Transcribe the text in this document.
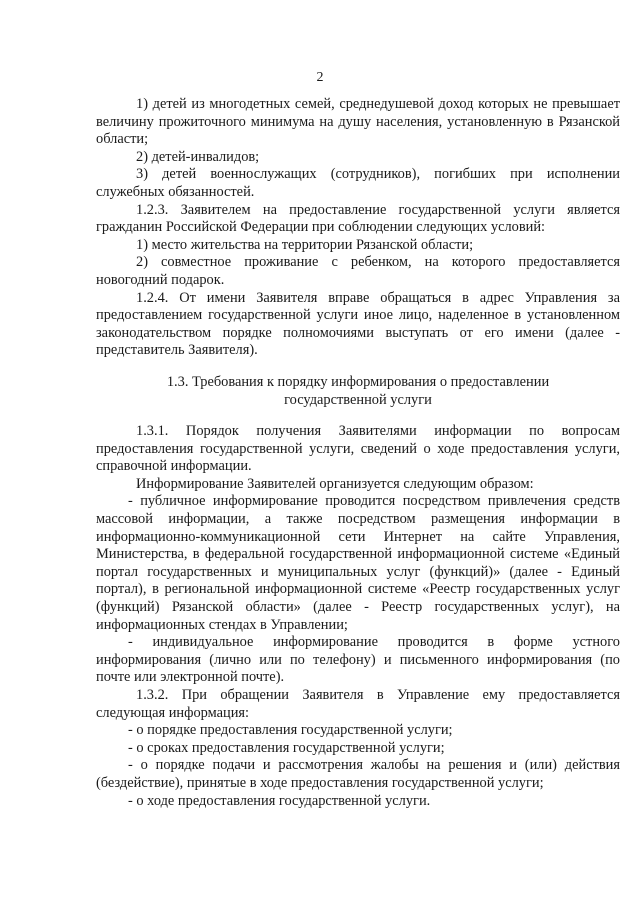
2

1) детей из многодетных семей, среднедушевой доход которых не превышает величину прожиточного минимума на душу населения, установленную в Рязанской области;

2) детей-инвалидов;

3) детей военнослужащих (сотрудников), погибших при исполнении служебных обязанностей.

1.2.3. Заявителем на предоставление государственной услуги является гражданин Российской Федерации при соблюдении следующих условий:

1) место жительства на территории Рязанской области;

2) совместное проживание с ребенком, на которого предоставляется новогодний подарок.

1.2.4. От имени Заявителя вправе обращаться в адрес Управления за предоставлением государственной услуги иное лицо, наделенное в установленном законодательством порядке полномочиями выступать от его имени (далее - представитель Заявителя).

1.3. Требования к порядку информирования о предоставлении
государственной услуги

1.3.1. Порядок получения Заявителями информации по вопросам предоставления государственной услуги, сведений о ходе предоставления услуги, справочной информации.

Информирование Заявителей организуется следующим образом:

- публичное информирование проводится посредством привлечения средств массовой информации, а также посредством размещения информации в информационно-коммуникационной сети Интернет на сайте Управления, Министерства, в федеральной государственной информационной системе «Единый портал государственных и муниципальных услуг (функций)» (далее - Единый портал), в региональной информационной системе «Реестр государственных услуг (функций) Рязанской области» (далее - Реестр государственных услуг), на информационных стендах в Управлении;

- индивидуальное информирование проводится в форме устного информирования (лично или по телефону) и письменного информирования (по почте или электронной почте).

1.3.2. При обращении Заявителя в Управление ему предоставляется следующая информация:

- о порядке предоставления государственной услуги;

- о сроках предоставления государственной услуги;

- о порядке подачи и рассмотрения жалобы на решения и (или) действия (бездействие), принятые в ходе предоставления государственной услуги;

- о ходе предоставления государственной услуги.
